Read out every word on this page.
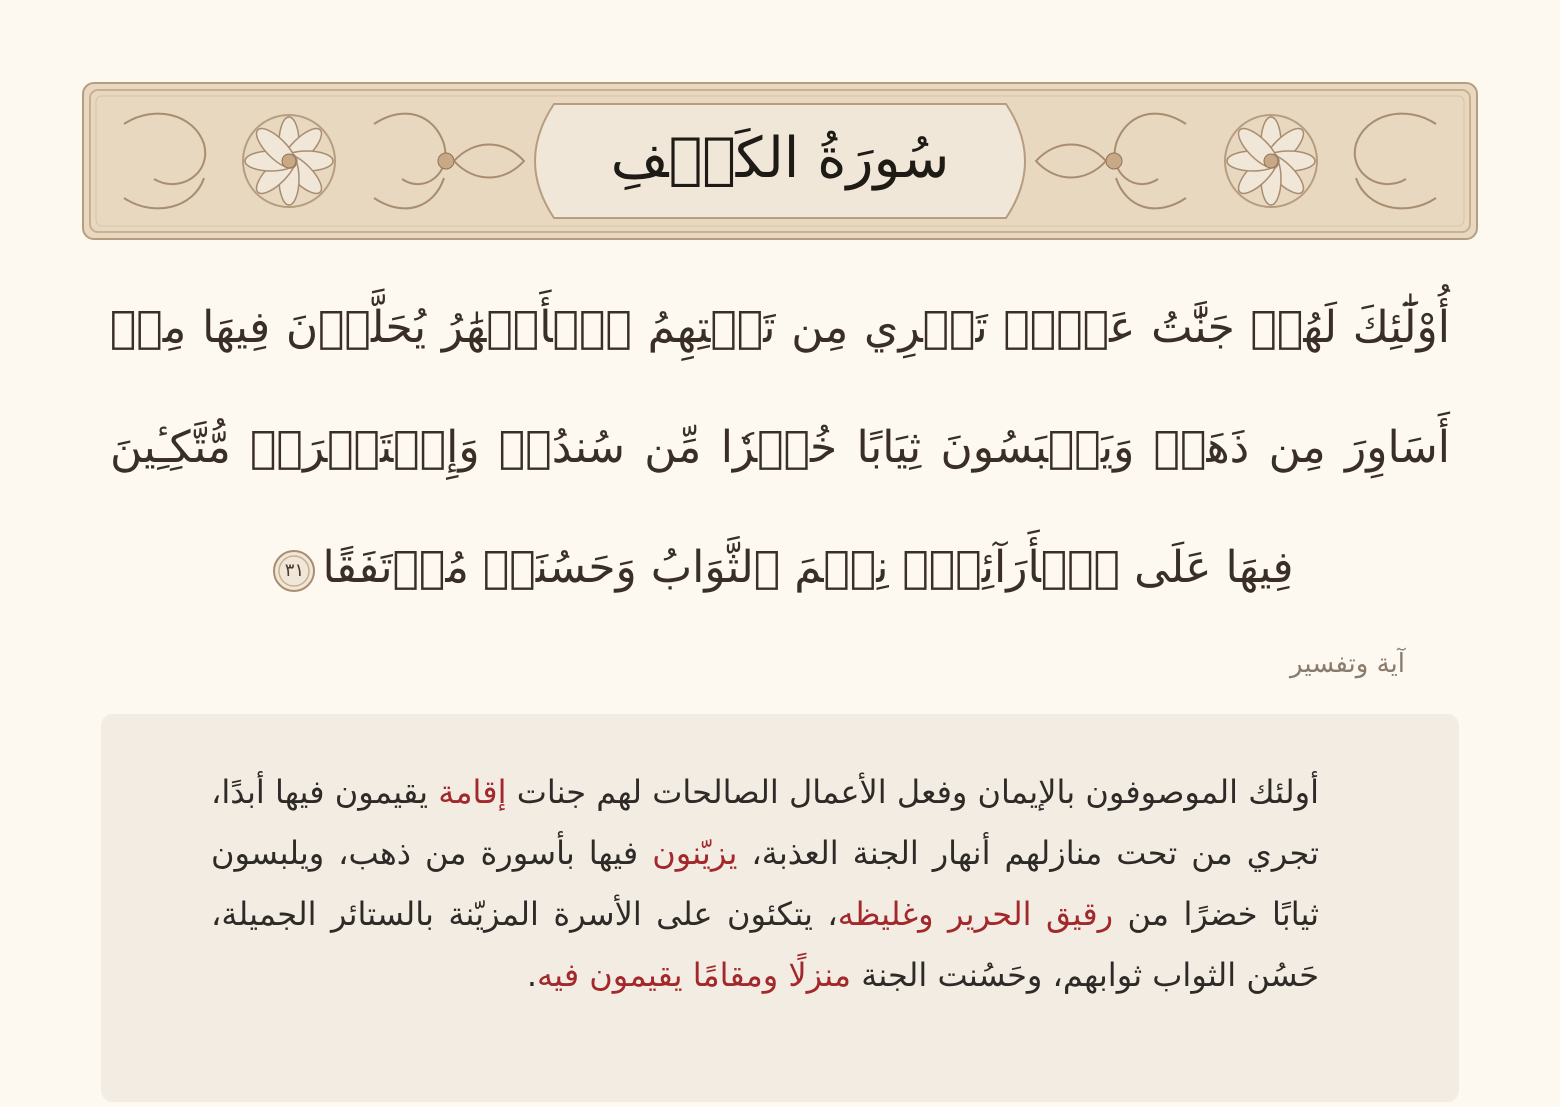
سُورَةُ الكَهۡفِ
أُوْلَٰٓئِكَ لَهُمۡ جَنَّٰتُ عَدۡنٖ تَجۡرِي مِن تَحۡتِهِمُ ٱلۡأَنۡهَٰرُ يُحَلَّوۡنَ فِيهَا مِنۡ أَسَاوِرَ مِن ذَهَبٖ وَيَلۡبَسُونَ ثِيَابًا خُضۡرٗا مِّن سُندُسٖ وَإِسۡتَبۡرَقٖ مُّتَّكِـِٔينَ فِيهَا عَلَى ٱلۡأَرَآئِكِۚ نِعۡمَ ٱلثَّوَابُ وَحَسُنَتۡ مُرۡتَفَقًا
٣١
آية وتفسير
أولئك الموصوفون بالإيمان وفعل الأعمال الصالحات لهم جنات إقامة يقيمون فيها أبدًا، تجري من تحت منازلهم أنهار الجنة العذبة، يزيّنون فيها بأسورة من ذهب، ويلبسون ثيابًا خضرًا من رقيق الحرير وغليظه، يتكئون على الأسرة المزيّنة بالستائر الجميلة، حَسُن الثواب ثوابهم، وحَسُنت الجنة منزلًا ومقامًا يقيمون فيه.
